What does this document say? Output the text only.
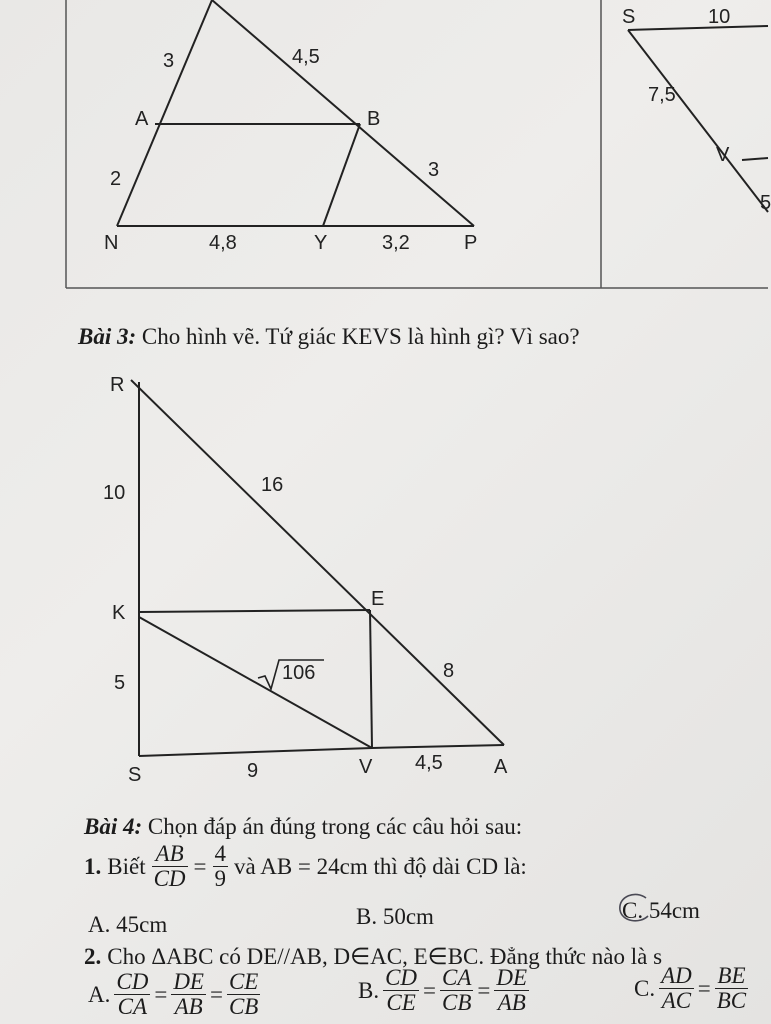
3	4,5
A	B
2	3
N	4,8	Y	3,2	P
S	10
7,5
V
5
Bài 3: Cho hình vẽ. Tứ giác KEVS là hình gì? Vì sao?
R
10	16
K
E
5	106	8
S	9	V 4,5	A
Bài 4: Chọn đáp án đúng trong các câu hỏi sau:
1. Biết $\frac{AB}{CD} = \frac{4}{9}$ và AB = 24cm thì độ dài CD là:
A. 45cm	B. 50cm	C. 54cm
2. Cho ΔABC có DE//AB, D∈AC, E∈BC. Đẳng thức nào là s
A. $\frac{CD}{CA} = \frac{DE}{AB} = \frac{CE}{CB}$	B. $\frac{CD}{CE} = \frac{CA}{CB} = \frac{DE}{AB}$	C. $\frac{AD}{AC} = \frac{BE}{BC}$
